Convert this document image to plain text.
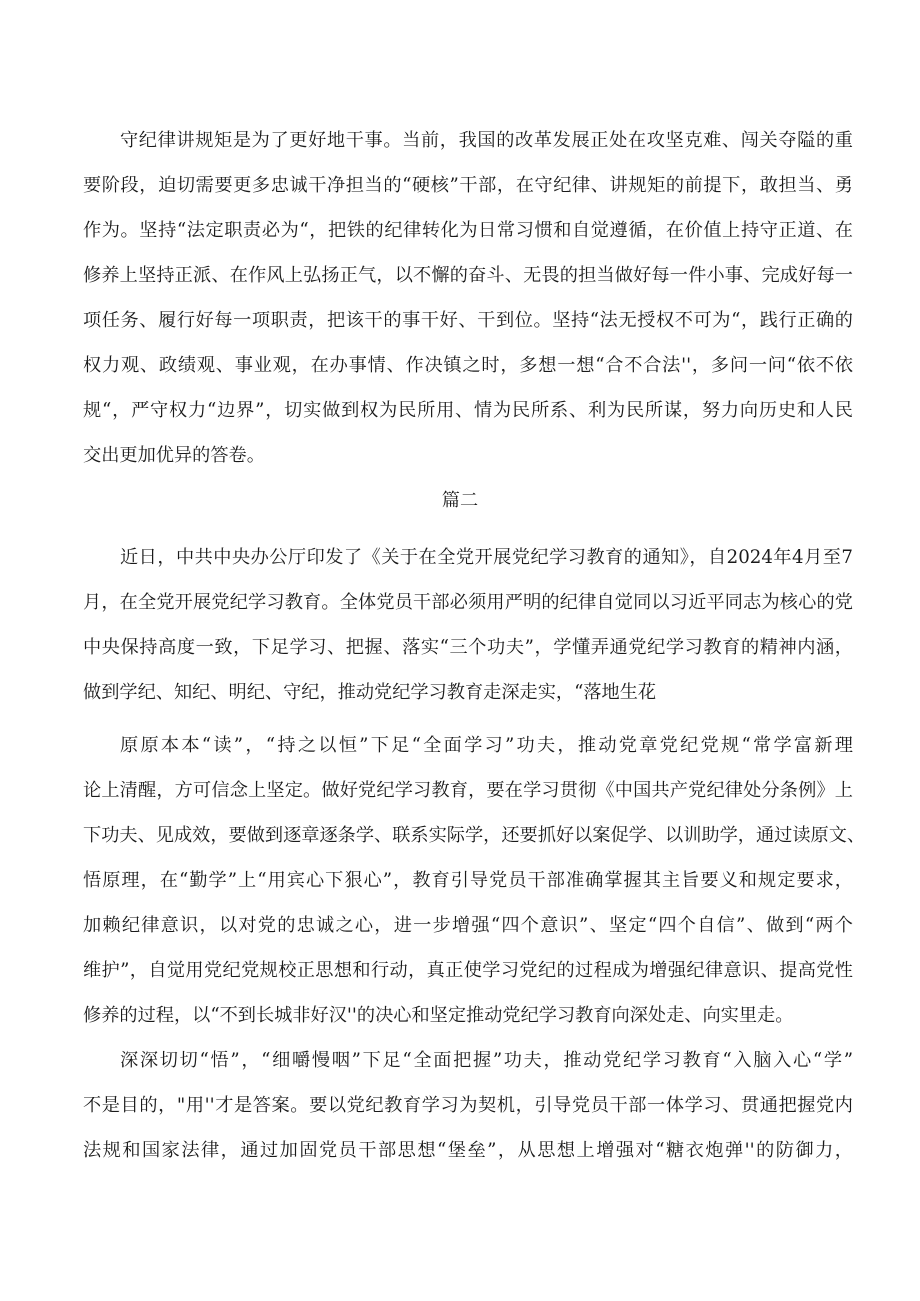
守纪律讲规矩是为了更好地干事。当前，我国的改革发展正处在攻坚克难、闯关夺隘的重
要阶段，迫切需要更多忠诚干净担当的“硬核”干部，在守纪律、讲规矩的前提下，敢担当、勇
作为。坚持“法定职责必为“，把铁的纪律转化为日常习惯和自觉遵循，在价值上持守正道、在
修养上坚持正派、在作风上弘扬正气，以不懈的奋斗、无畏的担当做好每一件小事、完成好每一
项任务、履行好每一项职责，把该干的事干好、干到位。坚持“法无授权不可为“，践行正确的
权力观、政绩观、事业观，在办事情、作决镇之时，多想一想“合不合法''，多问一问“依不依
规“，严守权力“边界”，切实做到权为民所用、情为民所系、利为民所谋，努力向历史和人民
交出更加优异的答卷。
篇二
近日，中共中央办公厅印发了《关于在全党开展党纪学习教育的通知》，自2024年4月至7
月，在全党开展党纪学习教育。全体党员干部必须用严明的纪律自觉同以习近平同志为核心的党
中央保持高度一致，下足学习、把握、落实“三个功夫”，学懂弄通党纪学习教育的精神内涵，
做到学纪、知纪、明纪、守纪，推动党纪学习教育走深走实，“落地生花
原原本本“读”，“持之以恒”下足“全面学习”功夫，推动党章党纪党规“常学富新理
论上清醒，方可信念上坚定。做好党纪学习教育，要在学习贯彻《中国共产党纪律处分条例》上
下功夫、见成效，要做到逐章逐条学、联系实际学，还要抓好以案促学、以训助学，通过读原文、
悟原理，在“勤学”上“用宾心下狠心”，教育引导党员干部准确掌握其主旨要义和规定要求，
加赖纪律意识，以对党的忠诚之心，进一步增强“四个意识”、坚定“四个自信”、做到“两个
维护”，自觉用党纪党规校正思想和行动，真正使学习党纪的过程成为增强纪律意识、提高党性
修养的过程，以“不到长城非好汉''的决心和坚定推动党纪学习教育向深处走、向实里走。
深深切切“悟”，“细嚼慢咽”下足“全面把握”功夫，推动党纪学习教育“入脑入心“学”
不是目的，"用''才是答案。要以党纪教育学习为契机，引导党员干部一体学习、贯通把握党内
法规和国家法律，通过加固党员干部思想“堡垒”，从思想上增强对“糖衣炮弹''的防御力，
